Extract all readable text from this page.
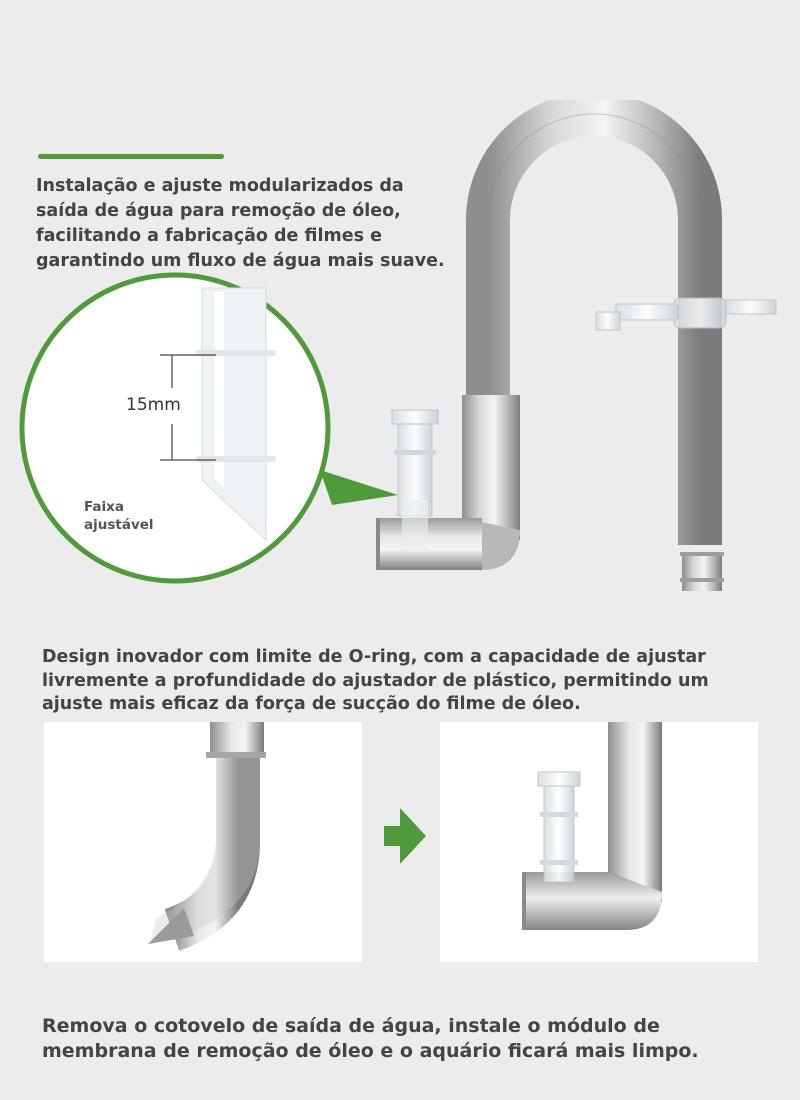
Instalação e ajuste modularizados da
saída de água para remoção de óleo,
facilitando a fabricação de filmes e
garantindo um fluxo de água mais suave.

15mm
Faixa
ajustável

Design inovador com limite de O-ring, com a capacidade de ajustar
livremente a profundidade do ajustador de plástico, permitindo um
ajuste mais eficaz da força de sucção do filme de óleo.

Remova o cotovelo de saída de água, instale o módulo de
membrana de remoção de óleo e o aquário ficará mais limpo.
